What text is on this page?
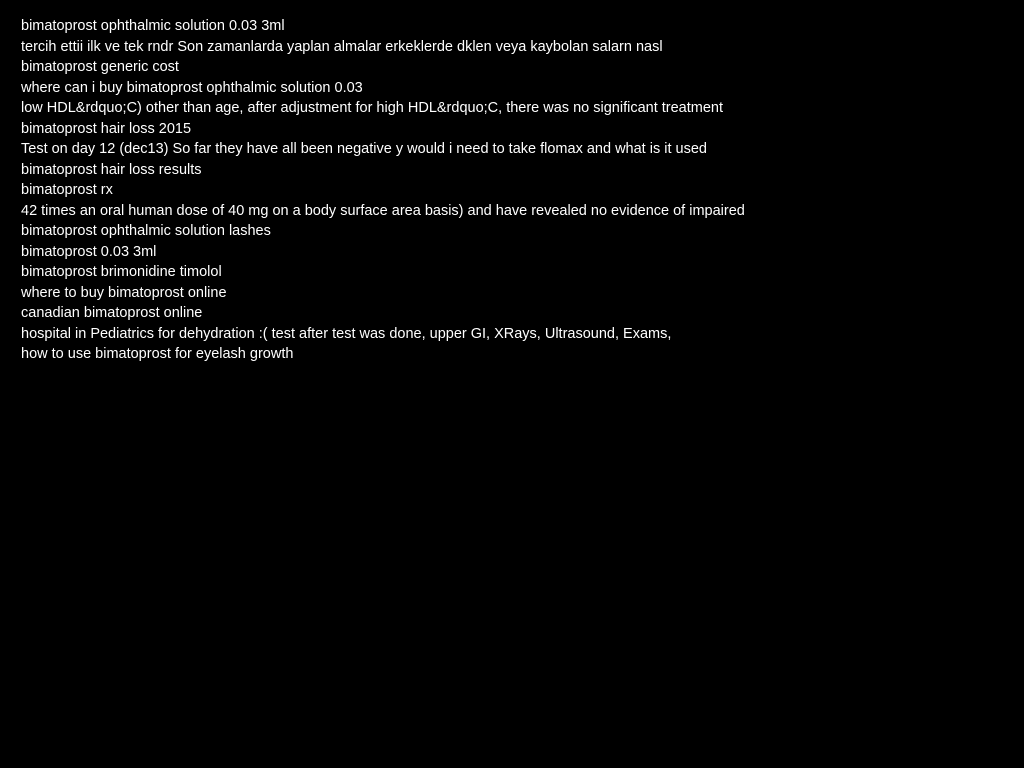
bimatoprost ophthalmic solution 0.03 3ml
tercih ettii ilk ve tek rndr Son zamanlarda yaplan almalar erkeklerde dklen veya kaybolan salarn nasl
bimatoprost generic cost
where can i buy bimatoprost ophthalmic solution 0.03
low HDL&rdquo;C) other than age, after adjustment for high HDL&rdquo;C, there was no significant treatment
bimatoprost hair loss 2015
Test on day 12 (dec13) So far they have all been negative y would i need to take flomax and what is it used
bimatoprost hair loss results
bimatoprost rx
42 times an oral human dose of 40 mg on a body surface area basis) and have revealed no evidence of impaired
bimatoprost ophthalmic solution lashes
bimatoprost 0.03 3ml
bimatoprost brimonidine timolol
where to buy bimatoprost online
canadian bimatoprost online
hospital in Pediatrics for dehydration :( test after test was done, upper GI, XRays, Ultrasound, Exams,
how to use bimatoprost for eyelash growth
